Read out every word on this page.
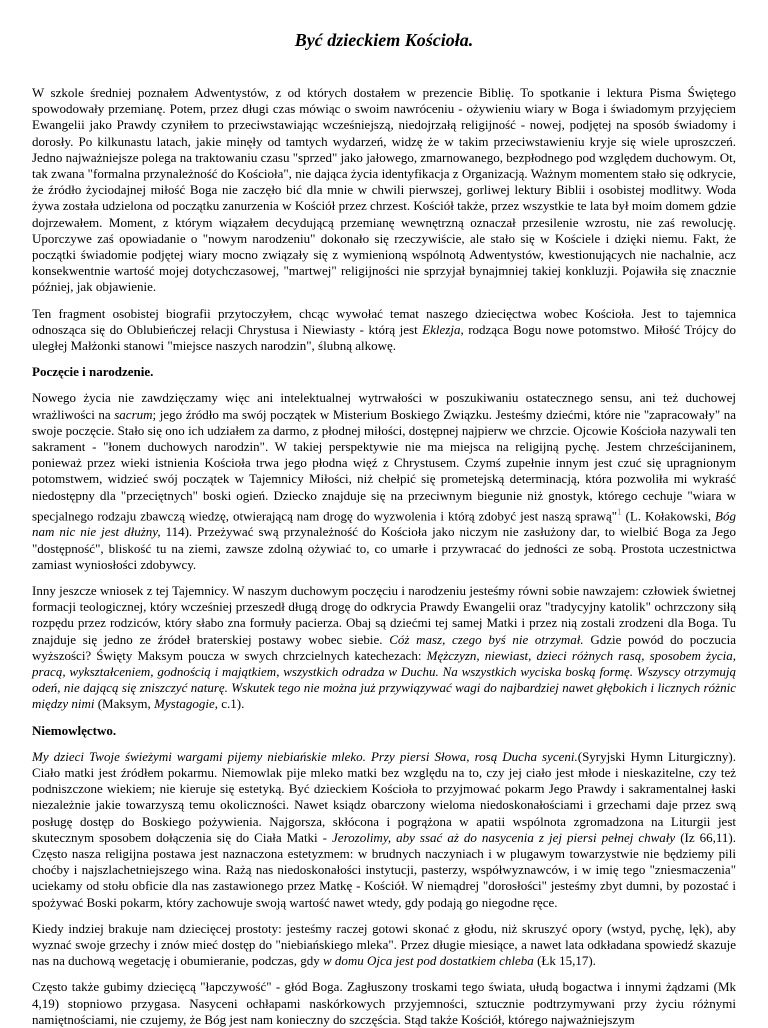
Być dzieckiem Kościoła.

W szkole średniej poznałem Adwentystów, z od których dostałem w prezencie Biblię. To spotkanie i lektura Pisma Świętego spowodowały przemianę. Potem, przez długi czas mówiąc o swoim nawróceniu - ożywieniu wiary w Boga i świadomym przyjęciem Ewangelii jako Prawdy czyniłem to przeciwstawiając wcześniejszą, niedojrzałą religijność - nowej, podjętej na sposób świadomy i dorosły. Po kilkunastu latach, jakie minęły od tamtych wydarzeń, widzę że w takim przeciwstawieniu kryje się wiele uproszczeń. Jedno najważniejsze polega na traktowaniu czasu "sprzed" jako jałowego, zmarnowanego, bezpłodnego pod względem duchowym. Ot, tak zwana "formalna przynależność do Kościoła", nie dająca życia identyfikacja z Organizacją. Ważnym momentem stało się odkrycie, że źródło życiodajnej miłość Boga nie zaczęło bić dla mnie w chwili pierwszej, gorliwej lektury Biblii i osobistej modlitwy. Woda żywa została udzielona od początku zanurzenia w Kościół przez chrzest. Kościół także, przez wszystkie te lata był moim domem gdzie dojrzewałem. Moment, z którym wiązałem decydującą przemianę wewnętrzną oznaczał przesilenie wzrostu, nie zaś rewolucję. Uporczywe zaś opowiadanie o "nowym narodzeniu" dokonało się rzeczywiście, ale stało się w Kościele i dzięki niemu. Fakt, że początki świadomie podjętej wiary mocno związały się z wymienioną wspólnotą Adwentystów, kwestionujących nie nachalnie, acz konsekwentnie wartość mojej dotychczasowej, "martwej" religijności nie sprzyjał bynajmniej takiej konkluzji. Pojawiła się znacznie później, jak objawienie.

Ten fragment osobistej biografii przytoczyłem, chcąc wywołać temat naszego dziecięctwa wobec Kościoła. Jest to tajemnica odnosząca się do Oblubieńczej relacji Chrystusa i Niewiasty - którą jest Eklezja, rodząca Bogu nowe potomstwo. Miłość Trójcy do uległej Małżonki stanowi "miejsce naszych narodzin", ślubną alkowę.

Poczęcie i narodzenie.

Nowego życia nie zawdzięczamy więc ani intelektualnej wytrwałości w poszukiwaniu ostatecznego sensu, ani też duchowej wrażliwości na sacrum; jego źródło ma swój początek w Misterium Boskiego Związku. Jesteśmy dziećmi, które nie "zapracowały" na swoje poczęcie. Stało się ono ich udziałem za darmo, z płodnej miłości, dostępnej najpierw we chrzcie. Ojcowie Kościoła nazywali ten sakrament - "łonem duchowych narodzin". W takiej perspektywie nie ma miejsca na religijną pychę. Jestem chrześcijaninem, ponieważ przez wieki istnienia Kościoła trwa jego płodna więź z Chrystusem. Czymś zupełnie innym jest czuć się upragnionym potomstwem, widzieć swój początek w Tajemnicy Miłości, niż chełpić się prometejską determinacją, która pozwoliła mi wykraść niedostępny dla "przeciętnych" boski ogień. Dziecko znajduje się na przeciwnym biegunie niż gnostyk, którego cechuje "wiara w specjalnego rodzaju zbawczą wiedzę, otwierającą nam drogę do wyzwolenia i którą zdobyć jest naszą sprawą"$^1$ (L. Kołakowski, Bóg nam nic nie jest dłużny, 114). Przeżywać swą przynależność do Kościoła jako niczym nie zasłużony dar, to wielbić Boga za Jego "dostępność", bliskość tu na ziemi, zawsze zdolną ożywiać to, co umarłe i przywracać do jedności ze sobą. Prostota uczestnictwa zamiast wyniosłości zdobywcy.

Inny jeszcze wniosek z tej Tajemnicy. W naszym duchowym poczęciu i narodzeniu jesteśmy równi sobie nawzajem: człowiek świetnej formacji teologicznej, który wcześniej przeszedł długą drogę do odkrycia Prawdy Ewangelii oraz "tradycyjny katolik" ochrzczony siłą rozpędu przez rodziców, który słabo zna formuły pacierza. Obaj są dziećmi tej samej Matki i przez nią zostali zrodzeni dla Boga. Tu znajduje się jedno ze źródeł braterskiej postawy wobec siebie. Cóż masz, czego byś nie otrzymał. Gdzie powód do poczucia wyższości? Święty Maksym poucza w swych chrzcielnych katechezach: Mężczyzn, niewiast, dzieci różnych rasą, sposobem życia, pracą, wykształceniem, godnością i majątkiem, wszystkich odradza w Duchu. Na wszystkich wyciska boską formę. Wszyscy otrzymują odeń, nie dającą się zniszczyć naturę. Wskutek tego nie można już przywiązywać wagi do najbardziej nawet głębokich i licznych różnic między nimi (Maksym, Mystagogie, c.1).

Niemowlęctwo.

My dzieci Twoje świeżymi wargami pijemy niebiańskie mleko. Przy piersi Słowa, rosą Ducha syceni.(Syryjski Hymn Liturgiczny). Ciało matki jest źródłem pokarmu. Niemowlak pije mleko matki bez względu na to, czy jej ciało jest młode i nieskazitelne, czy też podniszczone wiekiem; nie kieruje się estetyką. Być dzieckiem Kościoła to przyjmować pokarm Jego Prawdy i sakramentalnej łaski niezależnie jakie towarzyszą temu okoliczności. Nawet ksiądz obarczony wieloma niedoskonałościami i grzechami daje przez swą posługę dostęp do Boskiego pożywienia. Najgorsza, skłócona i pogrążona w apatii wspólnota zgromadzona na Liturgii jest skutecznym sposobem dołączenia się do Ciała Matki - Jerozolimy, aby ssać aż do nasycenia z jej piersi pełnej chwały (Iz 66,11). Często nasza religijna postawa jest naznaczona estetyzmem: w brudnych naczyniach i w plugawym towarzystwie nie będziemy pili choćby i najszlachetniejszego wina. Rażą nas niedoskonałości instytucji, pasterzy, współwyznawców, i w imię tego "zniesmaczenia" uciekamy od stołu obficie dla nas zastawionego przez Matkę - Kościół. W niemądrej "dorosłości" jesteśmy zbyt dumni, by pozostać i spożywać Boski pokarm, który zachowuje swoją wartość nawet wtedy, gdy podają go niegodne ręce.

Kiedy indziej brakuje nam dziecięcej prostoty: jesteśmy raczej gotowi skonać z głodu, niż skruszyć opory (wstyd, pychę, lęk), aby wyznać swoje grzechy i znów mieć dostęp do "niebiańskiego mleka". Przez długie miesiące, a nawet lata odkładana spowiedź skazuje nas na duchową wegetację i obumieranie, podczas, gdy w domu Ojca jest pod dostatkiem chleba (Łk 15,17).

Często także gubimy dziecięcą "łapczywość" - głód Boga. Zagłuszony troskami tego świata, ułudą bogactwa i innymi żądzami (Mk 4,19) stopniowo przygasa. Nasyceni ochłapami naskórkowych przyjemności, sztucznie podtrzymywani przy życiu różnymi namiętnościami, nie czujemy, że Bóg jest nam konieczny do szczęścia. Stąd także Kościół, którego najważniejszym
